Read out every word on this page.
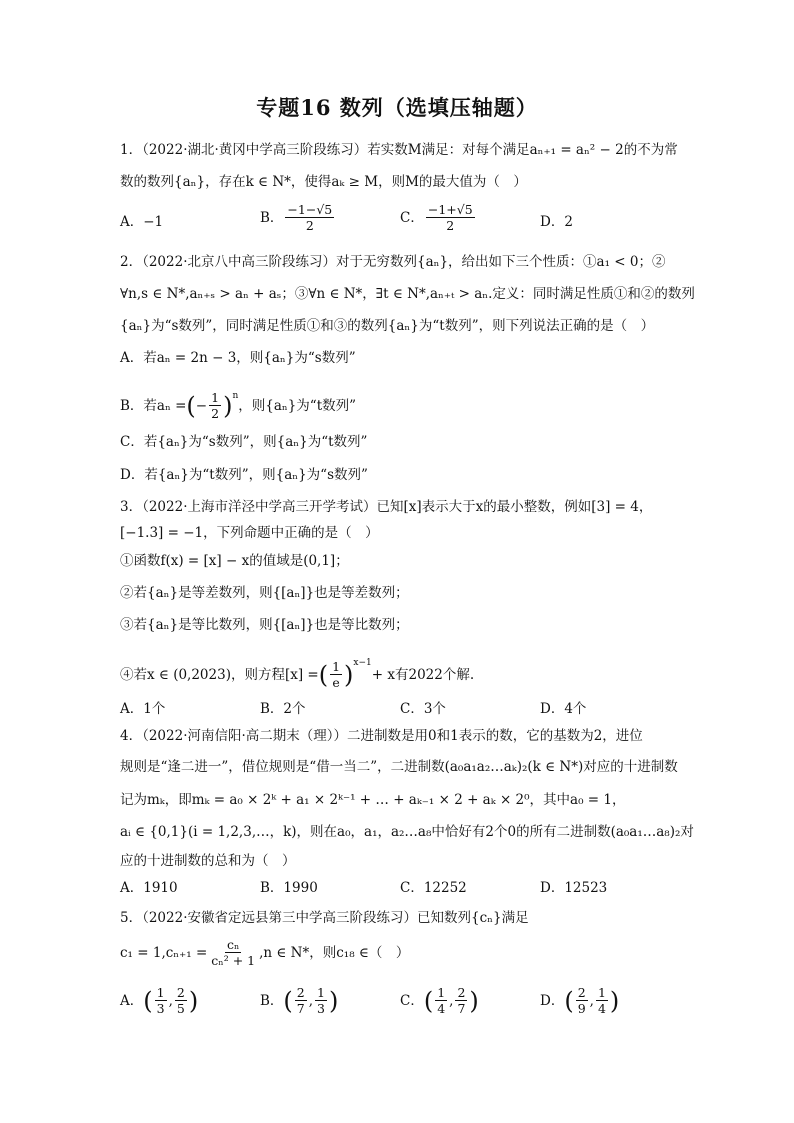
专题16 数列（选填压轴题）
1．（2022·湖北·黄冈中学高三阶段练习）若实数M满足：对每个满足aₙ₊₁ = aₙ² − 2的不为常
数的数列{aₙ}，存在k ∈ N*，使得aₖ ≥ M，则M的最大值为（　）
A．−1	B． $\frac{-1-√5}{2}$	C． $\frac{-1+√5}{2}$	D．2
2．（2022·北京八中高三阶段练习）对于无穷数列{aₙ}，给出如下三个性质：①a₁ < 0；②
∀n,s ∈ N*,aₙ₊ₛ > aₙ + aₛ；③∀n ∈ N*，∃t ∈ N*,aₙ₊ₜ > aₙ.定义：同时满足性质①和②的数列
{aₙ}为“s数列”，同时满足性质①和③的数列{aₙ}为“t数列”，则下列说法正确的是（　）
A．若aₙ = 2n − 3，则{aₙ}为“s数列”
B．若aₙ = ( − $\frac{1}{2} )^n$
，则{aₙ}为“t数列”
C．若{aₙ}为“s数列”，则{aₙ}为“t数列”
D．若{aₙ}为“t数列”，则{aₙ}为“s数列”
3．（2022·上海市洋泾中学高三开学考试）已知[x]表示大于x的最小整数，例如[3] = 4，
[−1.3] = −1，下列命题中正确的是（　）
①函数f(x) = [x] − x的值域是(0,1]；
②若{aₙ}是等差数列，则{[aₙ]}也是等差数列；
③若{aₙ}是等比数列，则{[aₙ]}也是等比数列；
④若x ∈ (0,2023)，则方程[x] = ( $\frac{1}{e} )^{x-1}$
+ x有2022个解.
A．1个	B．2个	C．3个	D．4个
4．（2022·河南信阳·高二期末（理））二进制数是用0和1表示的数，它的基数为2，进位
规则是“逢二进一”，借位规则是“借一当二”，二进制数(a₀a₁a₂…aₖ)₂(k ∈ N*)对应的十进制数
记为mₖ，即mₖ = a₀ × 2ᵏ + a₁ × 2ᵏ⁻¹ + … + aₖ₋₁ × 2 + aₖ × 2⁰，其中a₀ = 1，
aᵢ ∈ {0,1}(i = 1,2,3,…，k)，则在a₀，a₁，a₂…a₈中恰好有2个0的所有二进制数(a₀a₁…a₈)₂对
应的十进制数的总和为（　）
A．1910	B．1990	C．12252	D．12523
5．（2022·安徽省定远县第三中学高三阶段练习）已知数列{cₙ}满足
$c_1 = 1,c_{n+1} = \frac{\text{cₙ}}{\text{cₙ² + 1}} ,n$ ∈ N*，则c₁₈ ∈（　）
A． ( $\frac{1}{3}$ , $\frac{2}{5}$ )	B． ( $\frac{2}{7}$ , $\frac{1}{3}$ )	C． ( $\frac{1}{4}$ , $\frac{2}{7}$ )	D． ( $\frac{2}{9}$ , $\frac{1}{4}$ )
